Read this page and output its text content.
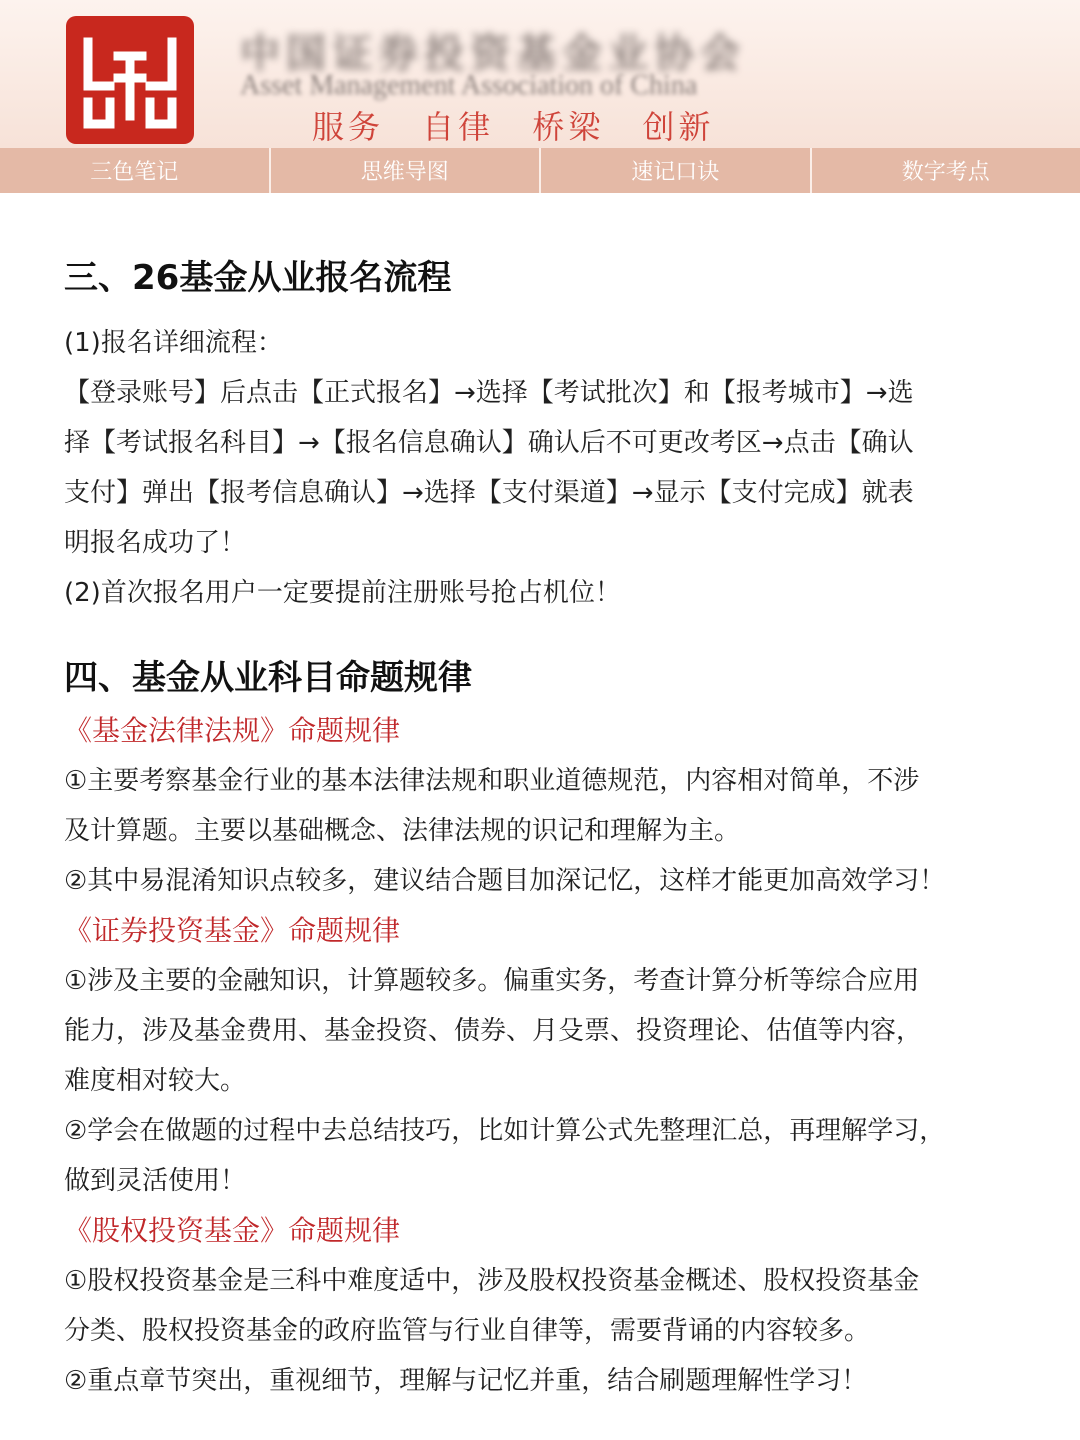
中国证券投资基金业协会
Asset Management Association of China
服务 自律 桥梁 创新
三色笔记	思维导图	速记口诀	数字考点
三、26基金从业报名流程

(1)报名详细流程：

【登录账号】后点击【正式报名】→选择【考试批次】和【报考城市】→选

择【考试报名科目】→【报名信息确认】确认后不可更改考区→点击【确认

支付】弹出【报考信息确认】→选择【支付渠道】→显示【支付完成】就表

明报名成功了！

(2)首次报名用户一定要提前注册账号抢占机位！

四、基金从业科目命题规律

《基金法律法规》命题规律

①主要考察基金行业的基本法律法规和职业道德规范，内容相对简单，不涉

及计算题。主要以基础概念、法律法规的识记和理解为主。

②其中易混淆知识点较多，建议结合题目加深记忆，这样才能更加高效学习！

《证券投资基金》命题规律

①涉及主要的金融知识，计算题较多。偏重实务，考查计算分析等综合应用

能力，涉及基金费用、基金投资、债券、月殳票、投资理论、估值等内容，

难度相对较大。

②学会在做题的过程中去总结技巧，比如计算公式先整理汇总，再理解学习，

做到灵活使用！

《股权投资基金》命题规律

①股权投资基金是三科中难度适中，涉及股权投资基金概述、股权投资基金

分类、股权投资基金的政府监管与行业自律等，需要背诵的内容较多。

②重点章节突出，重视细节，理解与记忆并重，结合刷题理解性学习！
